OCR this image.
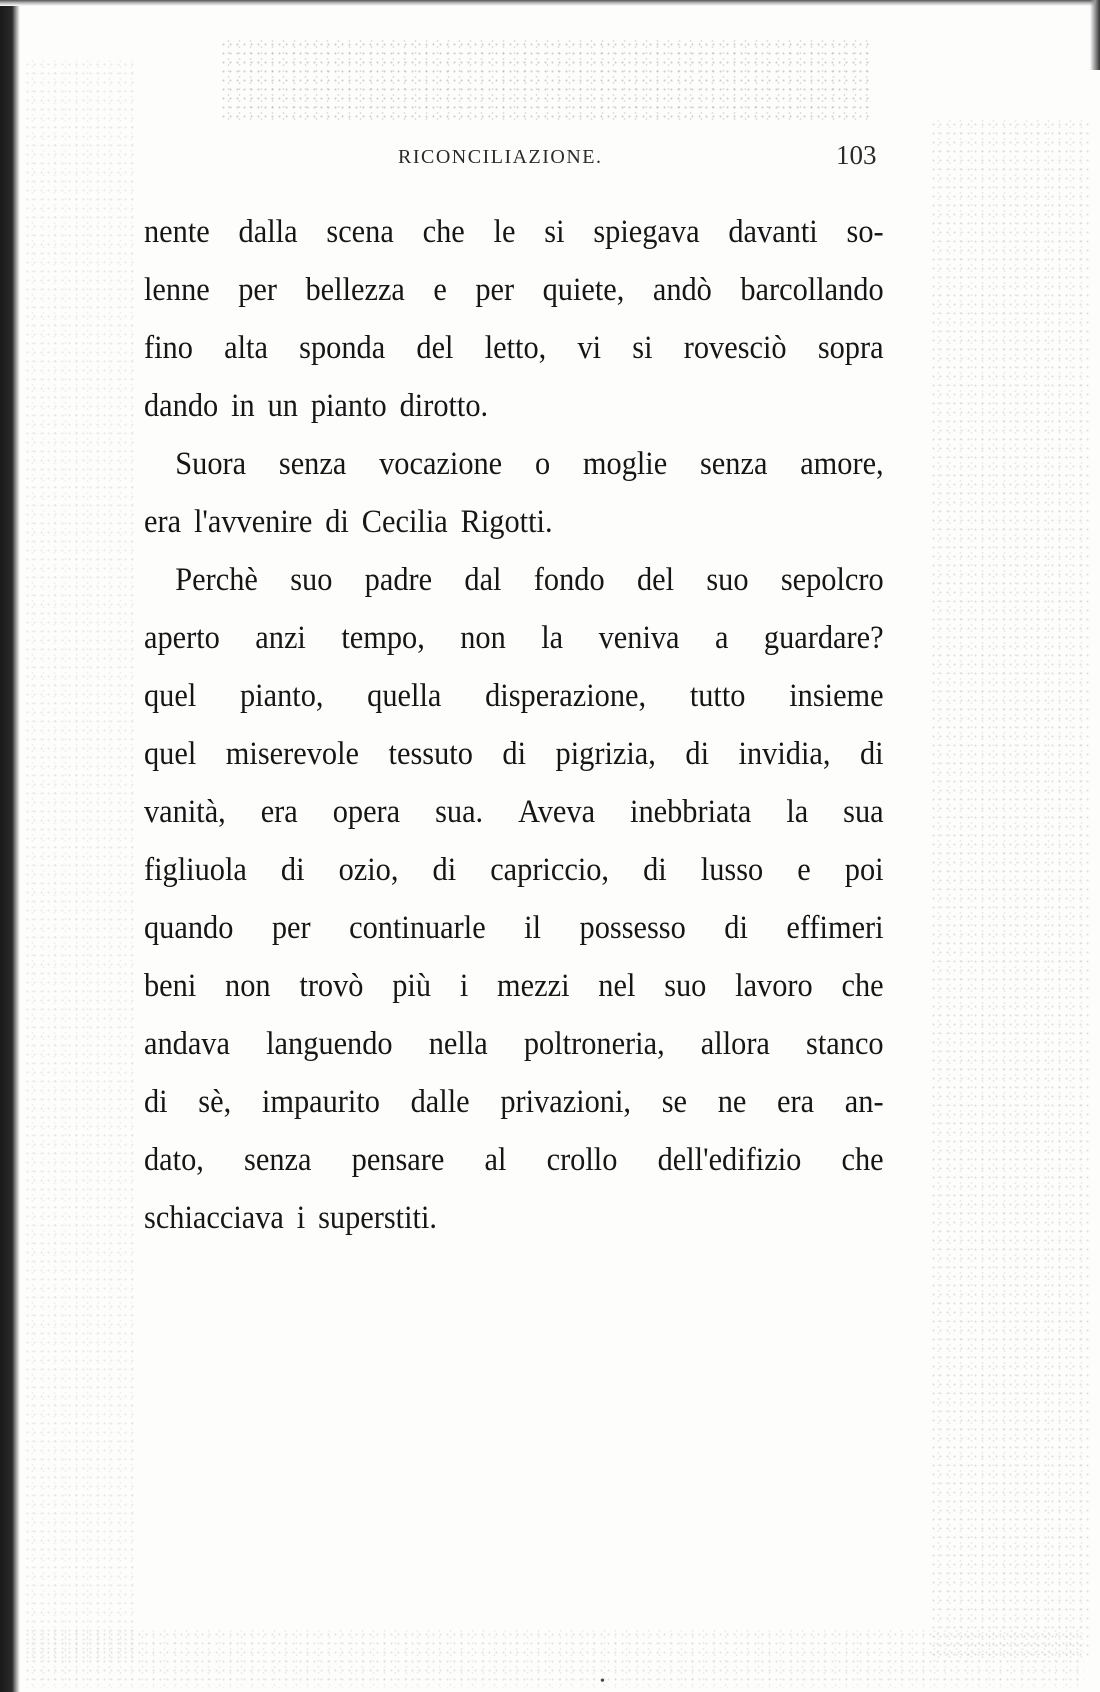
RICONCILIAZIONE.	103
nente dalla scena che le si spiegava davanti so-
lenne per bellezza e per quiete, andò barcollando
fino alta sponda del letto, vi si rovesciò sopra
dando in un pianto dirotto.
Suora senza vocazione o moglie senza amore,
era l'avvenire di Cecilia Rigotti.
Perchè suo padre dal fondo del suo sepolcro
aperto anzi tempo, non la veniva a guardare?
quel pianto, quella disperazione, tutto insieme
quel miserevole tessuto di pigrizia, di invidia, di
vanità, era opera sua. Aveva inebbriata la sua
figliuola di ozio, di capriccio, di lusso e poi
quando per continuarle il possesso di effimeri
beni non trovò più i mezzi nel suo lavoro che
andava languendo nella poltroneria, allora stanco
di sè, impaurito dalle privazioni, se ne era an-
dato, senza pensare al crollo dell'edifizio che
schiacciava i superstiti.
•
